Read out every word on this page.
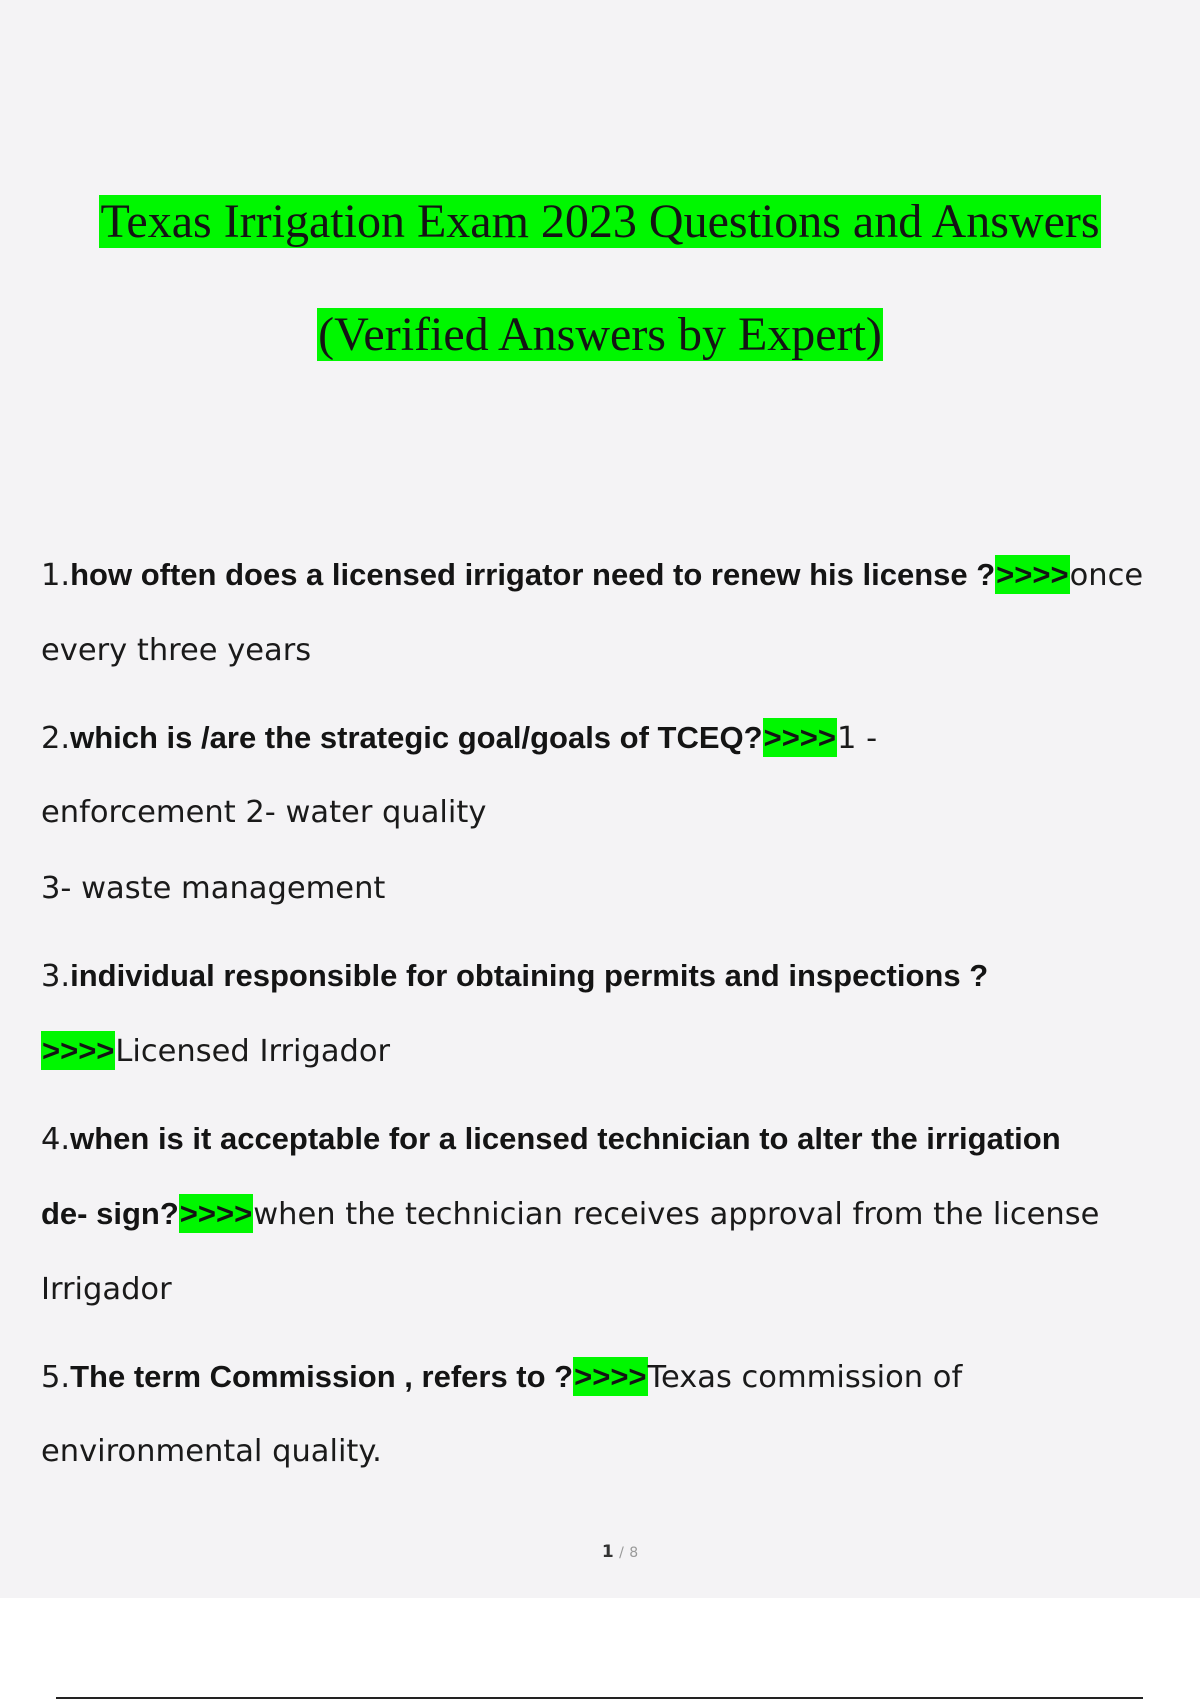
Texas Irrigation Exam 2023 Questions and Answers
(Verified Answers by Expert)
1.how often does a licensed irrigator need to renew his license ?>>>>once
every three years
2.which is /are the strategic goal/goals of TCEQ?>>>>1 -
enforcement 2- water quality
3- waste management
3.individual responsible for obtaining permits and inspections ?
>>>>Licensed Irrigador
4.when is it acceptable for a licensed technician to alter the irrigation
de- sign?>>>>when the technician receives approval from the license
Irrigador
5.The term Commission , refers to ?>>>>Texas commission of
environmental quality.
1 / 8
